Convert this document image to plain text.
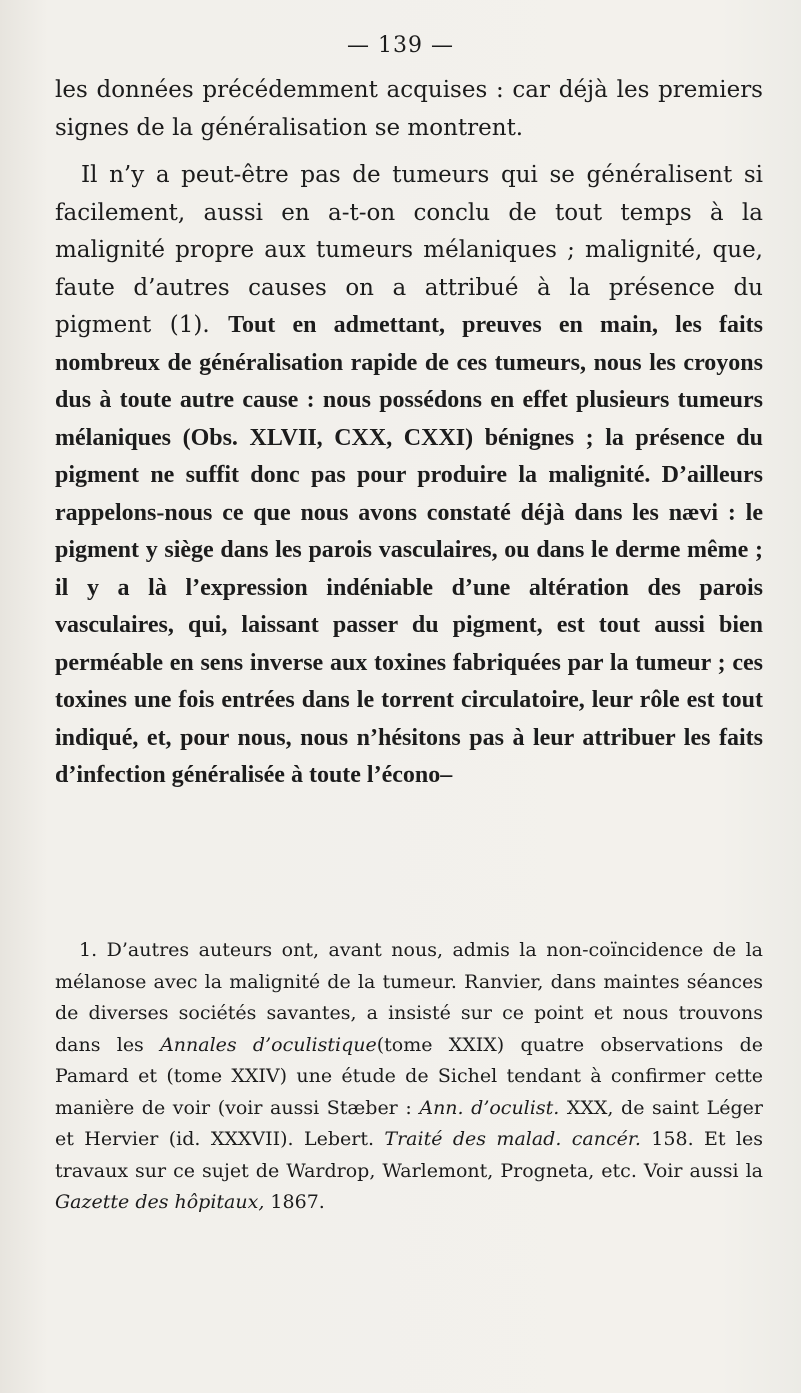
— 139 —

les données précédemment acquises : car déjà les premiers signes de la généralisation se montrent.

Il n’y a peut-être pas de tumeurs qui se généralisent si facilement, aussi en a-t-on conclu de tout temps à la malignité propre aux tumeurs mélaniques ; malignité, que, faute d’autres causes on a attribué à la présence du pigment (1). Tout en admettant, preuves en main, les faits nombreux de généralisation rapide de ces tumeurs, nous les croyons dus à toute autre cause : nous possédons en effet plusieurs tumeurs mélaniques (Obs. XLVII, CXX, CXXI) bénignes ; la présence du pigment ne suffit donc pas pour produire la malignité. D’ailleurs rappelons-nous ce que nous avons constaté déjà dans les nævi : le pigment y siège dans les parois vasculaires, ou dans le derme même ; il y a là l’expression indéniable d’une altération des parois vasculaires, qui, laissant passer du pigment, est tout aussi bien perméable en sens inverse aux toxines fabriquées par la tumeur ; ces toxines une fois entrées dans le torrent circulatoire, leur rôle est tout indiqué, et, pour nous, nous n’hésitons pas à leur attribuer les faits d’infection généralisée à toute l’écono–

1. D’autres auteurs ont, avant nous, admis la non-coïncidence de la mélanose avec la malignité de la tumeur. Ranvier, dans maintes séances de diverses sociétés savantes, a insisté sur ce point et nous trouvons dans les Annales d’oculistique(tome XXIX) quatre observations de Pamard et (tome XXIV) une étude de Sichel tendant à confirmer cette manière de voir (voir aussi Stæber : Ann. d’oculist. XXX, de saint Léger et Hervier (id. XXXVII). Lebert. Traité des malad. cancér. 158. Et les travaux sur ce sujet de Wardrop, Warlemont, Progneta, etc. Voir aussi la Gazette des hôpitaux, 1867.
